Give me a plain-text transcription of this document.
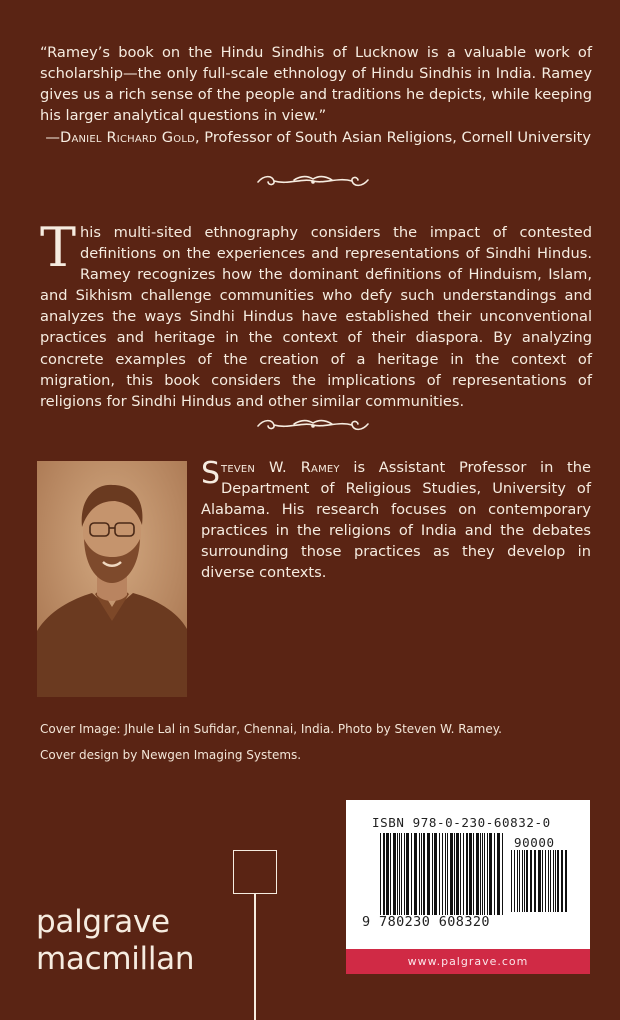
“Ramey’s book on the Hindu Sindhis of Lucknow is a valuable work of scholarship—the only full-scale ethnology of Hindu Sindhis in India. Ramey gives us a rich sense of the people and traditions he depicts, while keeping his larger analytical questions in view.”

—Daniel Richard Gold, Professor of South Asian Religions, Cornell University

This multi-sited ethnography considers the impact of contested definitions on the experiences and representations of Sindhi Hindus. Ramey recognizes how the dominant definitions of Hinduism, Islam, and Sikhism challenge communities who defy such understandings and analyzes the ways Sindhi Hindus have established their unconventional practices and heritage in the context of their diaspora. By analyzing concrete examples of the creation of a heritage in the context of migration, this book considers the implications of representations of religions for Sindhi Hindus and other similar communities.
Steven W. Ramey is Assistant Professor in the Department of Religious Studies, University of Alabama. His research focuses on contemporary practices in the religions of India and the debates surrounding those practices as they develop in diverse contexts.

Cover Image: Jhule Lal in Sufidar, Chennai, India. Photo by Steven W. Ramey.

Cover design by Newgen Imaging Systems.

ISBN 978-0-230-60832-0

90000

9 780230 608320

www.palgrave.com

palgrave

macmillan
